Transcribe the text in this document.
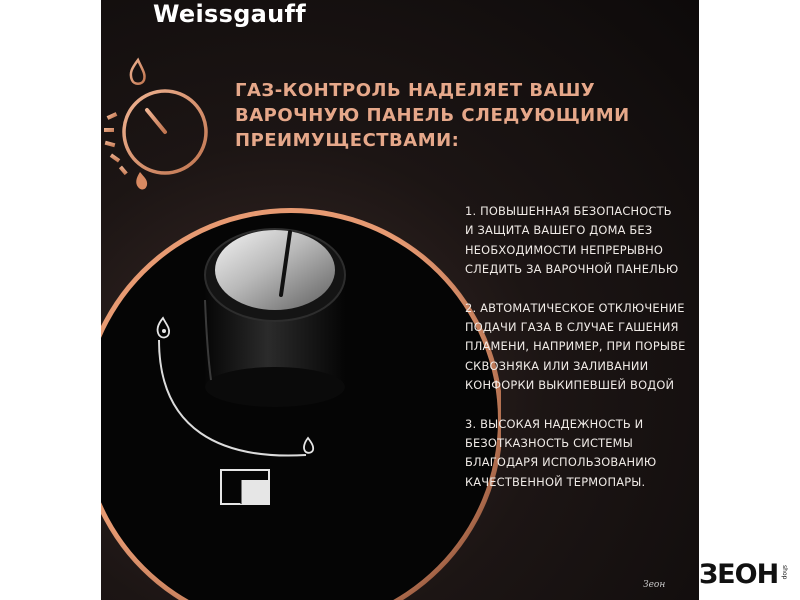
Weissgauff
ГАЗ-КОНТРОЛЬ НАДЕЛЯЕТ ВАШУ
ВАРОЧНУЮ ПАНЕЛЬ СЛЕДУЮЩИМИ
ПРЕИМУЩЕСТВАМИ:
1. ПОВЫШЕННАЯ БЕЗОПАСНОСТЬ
И ЗАЩИТА ВАШЕГО ДОМА БЕЗ
НЕОБХОДИМОСТИ НЕПРЕРЫВНО
СЛЕДИТЬ ЗА ВАРОЧНОЙ ПАНЕЛЬЮ
2. АВТОМАТИЧЕСКОЕ ОТКЛЮЧЕНИЕ
ПОДАЧИ ГАЗА В СЛУЧАЕ ГАШЕНИЯ
ПЛАМЕНИ, НАПРИМЕР, ПРИ ПОРЫВЕ
СКВОЗНЯКА ИЛИ ЗАЛИВАНИИ
КОНФОРКИ ВЫКИПЕВШЕЙ ВОДОЙ
3. ВЫСОКАЯ НАДЕЖНОСТЬ И
БЕЗОТКАЗНОСТЬ СИСТЕМЫ
БЛАГОДАРЯ ИСПОЛЬЗОВАНИЮ
КАЧЕСТВЕННОЙ ТЕРМОПАРЫ.
Зеон ЗЕОН shop
